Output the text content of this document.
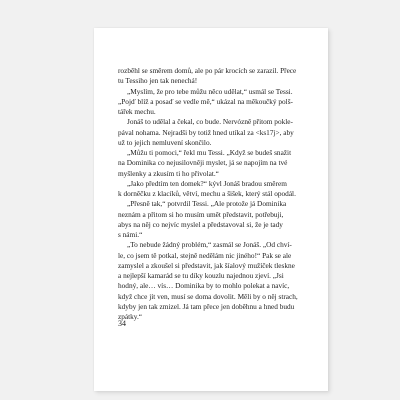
rozběhl se směrem domů, ale po pár krocích se zarazil. Přece
tu Tessiho jen tak nenechá!
„Myslím, že pro tebe můžu něco udělat,“ usmál se Tessi.
„Pojď blíž a posaď se vedle mě,“ ukázal na měkoučký polš-
tářek mechu.
Jonáš to udělal a čekal, co bude. Nervózně přitom pokle-
pával nohama. Nejradši by totiž hned utíkal za <ks17j>, aby
už to jejich nemluvení skončilo.
„Můžu ti pomoci,“ řekl mu Tessi. „Když se budeš snažit
na Dominika co nejusilovněji myslet, já se napojím na tvé
myšlenky a zkusím ti ho přivolat.“
„Jako předtím ten domek?“ kývl Jonáš bradou směrem
k dorněčku z klacíků, větví, mechu a šišek, který stál opodál.
„Přesně tak,“ potvrdil Tessi. „Ale protože já Dominika
neznám a přitom si ho musím umět představit, potřebuji,
abys na něj co nejvíc myslel a představoval si, že je tady
s námi.“
„To nebude žádný problém,“ zasmál se Jonáš. „Od chví-
le, co jsem tě potkal, stejně nedělám nic jiného!“ Pak se ale
zamyslel a zkoušel si představit, jak šíalový mužíček tleskne
a nejlepší kamarád se tu díky kouzlu najednou zjeví. „Jsi
hodný, ale… vís… Dominika by to mohlo polekat a navíc,
když chce jít ven, musí se doma dovolit. Měli by o něj strach,
kdyby jen tak zmizel. Já tam přece jen doběhnu a hned budu
zpátky.“
34
